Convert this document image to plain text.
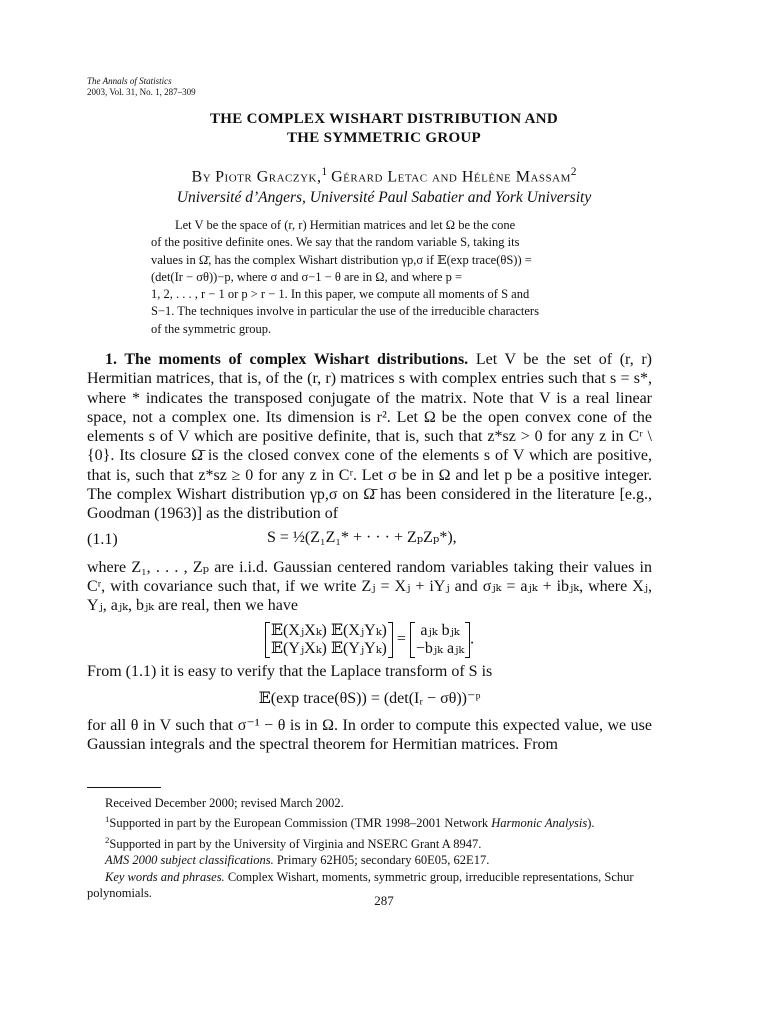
The Annals of Statistics
2003, Vol. 31, No. 1, 287–309
THE COMPLEX WISHART DISTRIBUTION AND
THE SYMMETRIC GROUP
By Piotr Graczyk,$^1$ Gérard Letac and Hélène Massam$^2$
Université d’Angers, Université Paul Sabatier and York University

Let V be the space of (r, r) Hermitian matrices and let Ω be the cone

of the positive definite ones. We say that the random variable S, taking its

values in Ω̄, has the complex Wishart distribution γp,σ if 𝔼(exp trace(θS)) =

(det(Ir − σθ))−p, where σ and σ−1 − θ are in Ω, and where p =

1, 2, . . . , r − 1 or p > r − 1. In this paper, we compute all moments of S and

S−1. The techniques involve in particular the use of the irreducible characters

of the symmetric group.

1. The moments of complex Wishart distributions. Let V be the set of (r, r) Hermitian matrices, that is, of the (r, r) matrices s with complex entries such that s = s*, where * indicates the transposed conjugate of the matrix. Note that V is a real linear space, not a complex one. Its dimension is r². Let Ω be the open convex cone of the elements s of V which are positive definite, that is, such that z*sz > 0 for any z in Cʳ \ {0}. Its closure Ω̄ is the closed convex cone of the elements s of V which are positive, that is, such that z*sz ≥ 0 for any z in Cʳ. Let σ be in Ω and let p be a positive integer. The complex Wishart distribution γp,σ on Ω̄ has been considered in the literature [e.g., Goodman (1963)] as the distribution of

(1.1)	S = ½(Z₁Z₁* + · · · + ZₚZₚ*),

where Z₁, . . . , Zₚ are i.i.d. Gaussian centered random variables taking their values in Cʳ, with covariance such that, if we write Zⱼ = Xⱼ + iYⱼ and σⱼₖ = aⱼₖ + ibⱼₖ, where Xⱼ, Yⱼ, aⱼₖ, bⱼₖ are real, then we have

𝔼(XⱼXₖ) 𝔼(XⱼYₖ)
𝔼(YⱼXₖ) 𝔼(YⱼYₖ)
=
aⱼₖ bⱼₖ
−bⱼₖ aⱼₖ
.

From (1.1) it is easy to verify that the Laplace transform of S is

𝔼(exp trace(θS)) = (det(Iᵣ − σθ))⁻ᵖ

for all θ in V such that σ⁻¹ − θ is in Ω. In order to compute this expected value, we use Gaussian integrals and the spectral theorem for Hermitian matrices. From

Received December 2000; revised March 2002.

$^1$Supported in part by the European Commission (TMR 1998–2001 Network Harmonic Analysis).

$^2$Supported in part by the University of Virginia and NSERC Grant A 8947.

AMS 2000 subject classifications. Primary 62H05; secondary 60E05, 62E17.

Key words and phrases. Complex Wishart, moments, symmetric group, irreducible representations, Schur polynomials.

287
